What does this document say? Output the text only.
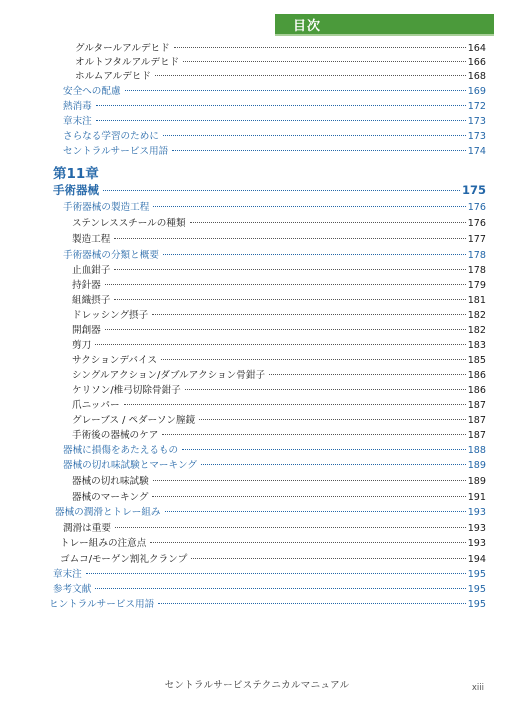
目次
第11章
グルタールアルデヒド	164
オルトフタルアルデヒド	166
ホルムアルデヒド	168
安全への配慮	169
熱消毒	172
章末注	173
さらなる学習のために	173
セントラルサービス用語	174
手術器械	175
手術器械の製造工程	176
ステンレススチールの種類	176
製造工程	177
手術器械の分類と概要	178
止血鉗子	178
持針器	179
組織摂子	181
ドレッシング摂子	182
開創器	182
剪刀	183
サクションデバイス	185
シングルアクション/ダブルアクション骨鉗子	186
ケリソン/椎弓切除骨鉗子	186
爪ニッパー	187
グレーブス / ペダーソン膣鏡	187
手術後の器械のケア	187
器械に損傷をあたえるもの	188
器械の切れ味試験とマーキング	189
器械の切れ味試験	189
器械のマーキング	191
器械の潤滑とトレー組み	193
潤滑は重要	193
トレー組みの注意点	193
ゴムコ/モーゲン割礼クランプ	194
章末注	195
参考文献	195
ヒントラルサービス用語	195
セントラルサービステクニカルマニュアル	xiii
